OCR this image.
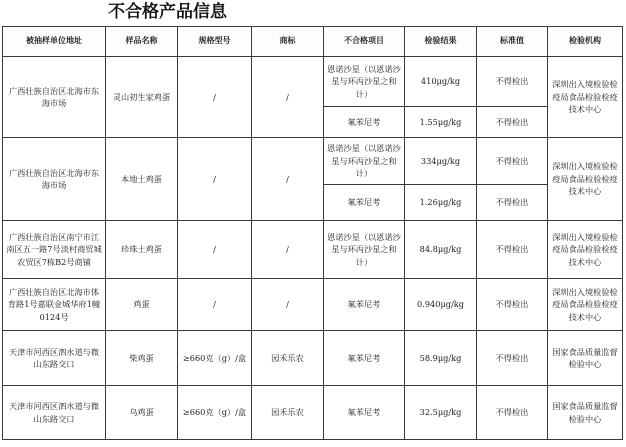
不合格产品信息
被抽样单位地址	样品名称	规格型号	商标	不合格项目	检验结果	标准值	检验机构
广西壮族自治区北海市东海市场	灵山初生家鸡蛋	/	/	恩诺沙星（以恩诺沙星与环丙沙星之和计）	410μg/kg	不得检出	深圳出入境检验检疫局食品检验检疫技术中心
				氟苯尼考	1.55μg/kg	不得检出	
广西壮族自治区北海市东海市场	本地土鸡蛋	/	/	恩诺沙星（以恩诺沙星与环丙沙星之和计）	334μg/kg	不得检出	深圳出入境检验检疫局食品检验检疫技术中心
				氟苯尼考	1.26μg/kg	不得检出	
广西壮族自治区南宁市江南区五一路7号淡村商贸城农贸区7栋B2号商铺	珍珠土鸡蛋	/	/	恩诺沙星（以恩诺沙星与环丙沙星之和计）	84.8μg/kg	不得检出	深圳出入境检验检疫局食品检验检疫技术中心
广西壮族自治区北海市体育路1号嘉联金城华府1幢0124号	鸡蛋	/	/	氟苯尼考	0.940μg/kg	不得检出	深圳出入境检验检疫局食品检验检疫技术中心
天津市河西区泗水道与微山东路交口	柴鸡蛋	≥660克（g）/盒	园禾乐农	氟苯尼考	58.9μg/kg	不得检出	国家食品质量监督检验中心
天津市河西区泗水道与微山东路交口	乌鸡蛋	≥660克（g）/盒	园禾乐农	氟苯尼考	32.5μg/kg	不得检出	国家食品质量监督检验中心
